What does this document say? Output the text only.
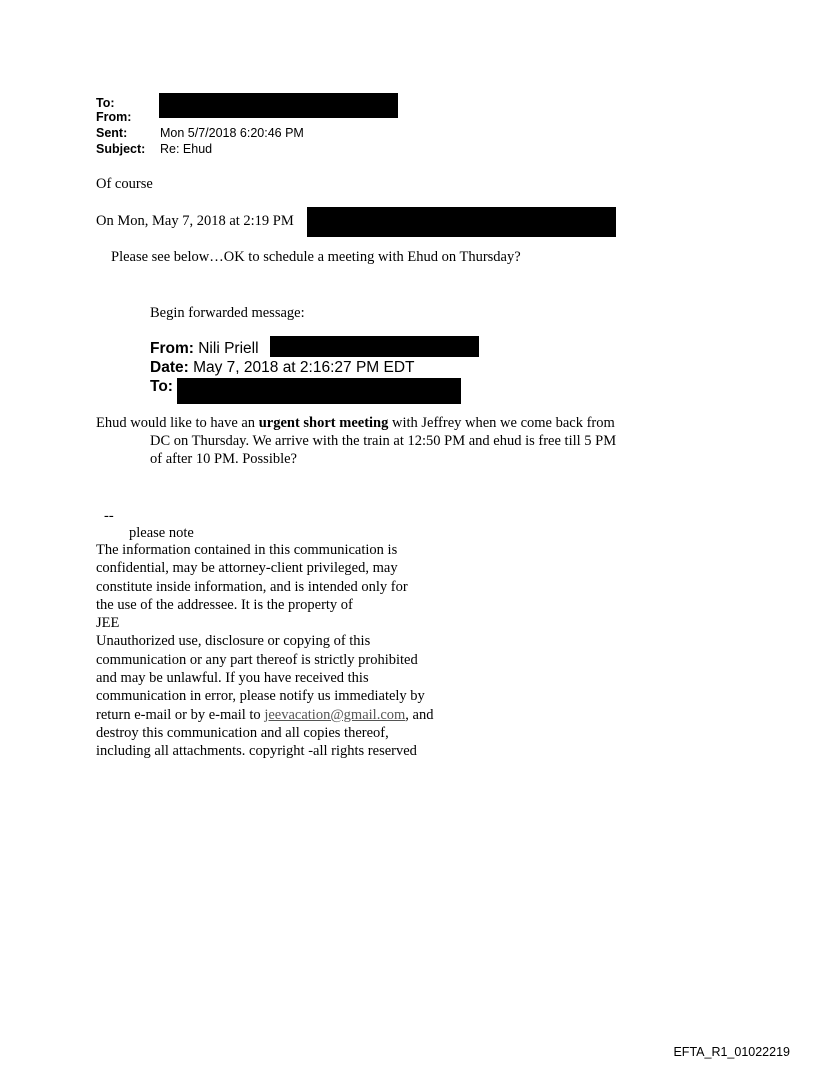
To:
From:
Sent:	Mon 5/7/2018 6:20:46 PM
Subject: Re: Ehud
Of course
On Mon, May 7, 2018 at 2:19 PM
Please see below…OK to schedule a meeting with Ehud on Thursday?
Begin forwarded message:
From: Nili Priell
Date: May 7, 2018 at 2:16:27 PM EDT
To:
Ehud would like to have an urgent short meeting with Jeffrey when we come back from
DC on Thursday. We arrive with the train at 12:50 PM and ehud is free till 5 PM
of after 10 PM. Possible?
--
please note
The information contained in this communication is
confidential, may be attorney-client privileged, may
constitute inside information, and is intended only for
the use of the addressee. It is the property of
JEE
Unauthorized use, disclosure or copying of this
communication or any part thereof is strictly prohibited
and may be unlawful. If you have received this
communication in error, please notify us immediately by
return e-mail or by e-mail to jeevacation@gmail.com, and
destroy this communication and all copies thereof,
including all attachments. copyright -all rights reserved
EFTA_R1_01022219
